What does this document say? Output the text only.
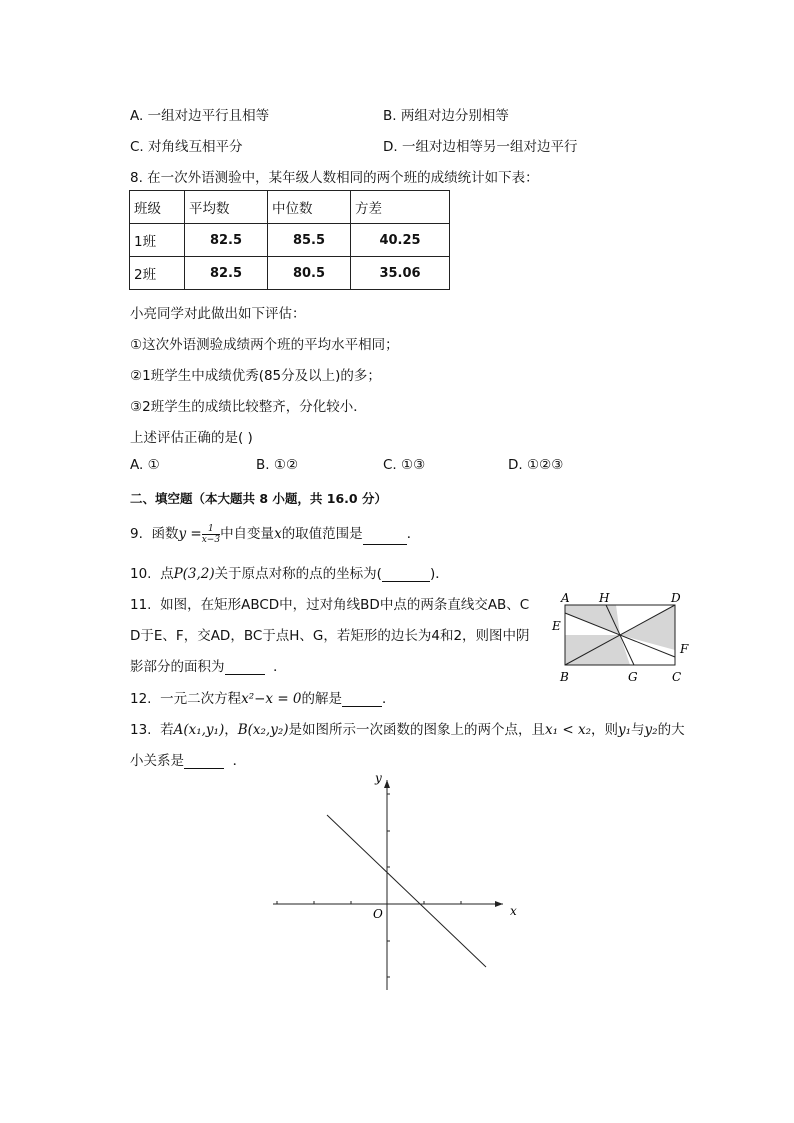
A. 一组对边平行且相等	B. 两组对边分别相等
C. 对角线互相平分	D. 一组对边相等另一组对边平行
8. 在一次外语测验中，某年级人数相同的两个班的成绩统计如下表：
班级	平均数	中位数	方差
1班	82.5	85.5	40.25
2班	82.5	80.5	35.06
小亮同学对此做出如下评估：
①这次外语测验成绩两个班的平均水平相同；
②1班学生中成绩优秀(85分及以上)的多；
③2班学生的成绩比较整齐，分化较小．
上述评估正确的是( )
A. ①	B. ①②	C. ①③	D. ①②③
二、填空题（本大题共 8 小题，共 16.0 分）
9. 函数$y = \frac{1}{x-3}$ 中自变量x的取值范围是	．
10. 点P(3,2)关于原点对称的点的坐标为(	)．
11. 如图，在矩形ABCD中，过对角线BD中点的两条直线交AB、C
D于E、F，交AD，BC于点H、G，若矩形的边长为4和2，则图中阴
影部分的面积为	．
A H	D
E
F
B	G	C
12. 一元二次方程x²−x = 0的解是	．
13. 若A(x₁,y₁)，B(x₂,y₂)是如图所示一次函数的图象上的两个点，且x₁ < x₂，则y₁与y₂的大
小关系是	．
y
x
O
